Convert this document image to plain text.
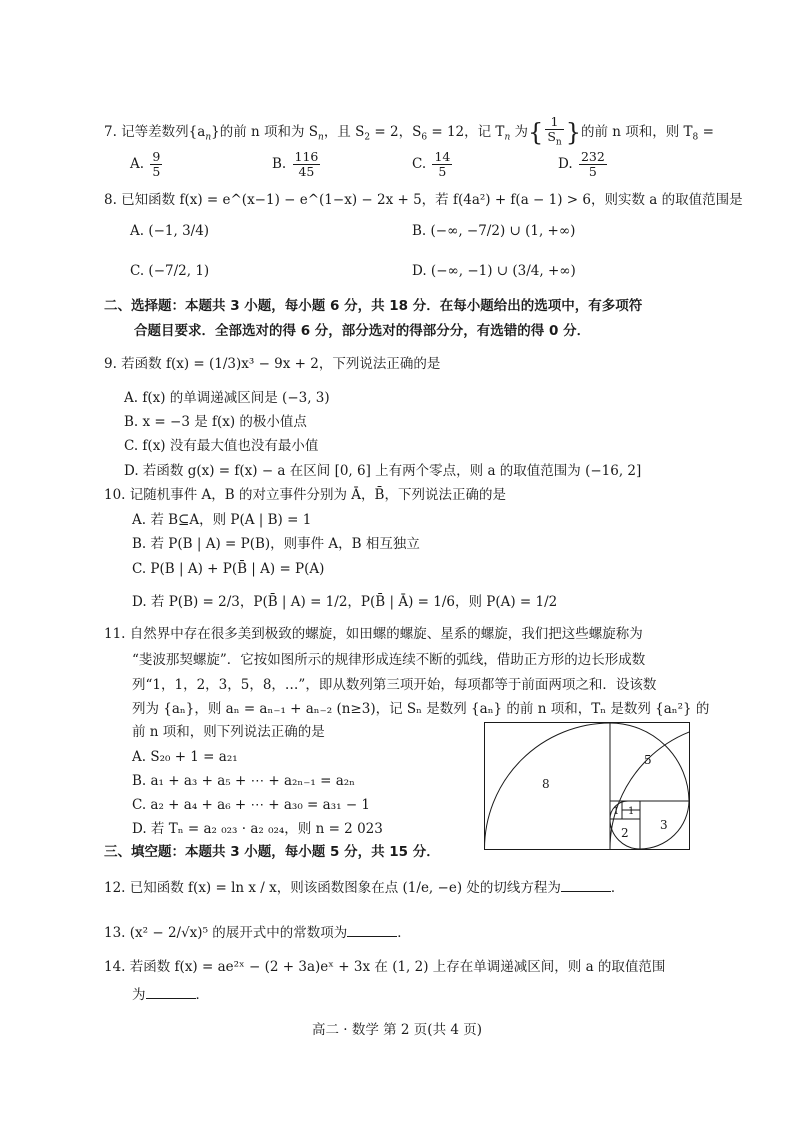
7. 记等差数列$\{a_n\}$的前 n 项和为 $S_n$，且 $S_2 = 2$，$S_6 = 12$，记 $T_n$ 为{ $\frac{1}{S_n}$ }的前 n 项和，则 $T_8$ =
A. $\frac{9}{5}$	B. $\frac{116}{45}$	C. $\frac{14}{5}$	D. $\frac{232}{5}$
8. 已知函数 f(x) = e^(x−1) − e^(1−x) − 2x + 5，若 f(4a²) + f(a − 1) > 6，则实数 a 的取值范围是
A. (−1, 3/4)	B. (−∞, −7/2) ∪ (1, +∞)
C. (−7/2, 1)	D. (−∞, −1) ∪ (3/4, +∞)
二、选择题：本题共 3 小题，每小题 6 分，共 18 分．在每小题给出的选项中，有多项符
合题目要求．全部选对的得 6 分，部分选对的得部分分，有选错的得 0 分．
9. 若函数 f(x) = (1/3)x³ − 9x + 2，下列说法正确的是
A. f(x) 的单调递减区间是 (−3, 3)
B. x = −3 是 f(x) 的极小值点
C. f(x) 没有最大值也没有最小值
D. 若函数 g(x) = f(x) − a 在区间 [0, 6] 上有两个零点，则 a 的取值范围为 (−16, 2]
10. 记随机事件 A，B 的对立事件分别为 Ā，B̄，下列说法正确的是
A. 若 B⊆A，则 P(A | B) = 1
B. 若 P(B | A) = P(B)，则事件 A，B 相互独立
C. P(B | A) + P(B̄ | A) = P(A)
D. 若 P(B) = 2/3，P(B̄ | A) = 1/2，P(B̄ | Ā) = 1/6，则 P(A) = 1/2
11. 自然界中存在很多美到极致的螺旋，如田螺的螺旋、星系的螺旋，我们把这些螺旋称为
“斐波那契螺旋”．它按如图所示的规律形成连续不断的弧线，借助正方形的边长形成数
列“1，1，2，3，5，8，…”，即从数列第三项开始，每项都等于前面两项之和．设该数
列为 {aₙ}，则 aₙ = aₙ₋₁ + aₙ₋₂ (n≥3)，记 Sₙ 是数列 {aₙ} 的前 n 项和，Tₙ 是数列 {aₙ²} 的
前 n 项和，则下列说法正确的是
A. S₂₀ + 1 = a₂₁
B. a₁ + a₃ + a₅ + ⋯ + a₂ₙ₋₁ = a₂ₙ
C. a₂ + a₄ + a₆ + ⋯ + a₃₀ = a₃₁ − 1
D. 若 Tₙ = a₂ ₀₂₃ · a₂ ₀₂₄，则 n = 2 023
8
5
3
2
1 1
三、填空题：本题共 3 小题，每小题 5 分，共 15 分．
12. 已知函数 f(x) = ln x / x，则该函数图象在点 (1/e, −e) 处的切线方程为	．
13. (x² − 2/√x)⁵ 的展开式中的常数项为	．
14. 若函数 f(x) = ae²ˣ − (2 + 3a)eˣ + 3x 在 (1, 2) 上存在单调递减区间，则 a 的取值范围
为	．
高二 · 数学 第 2 页(共 4 页)
